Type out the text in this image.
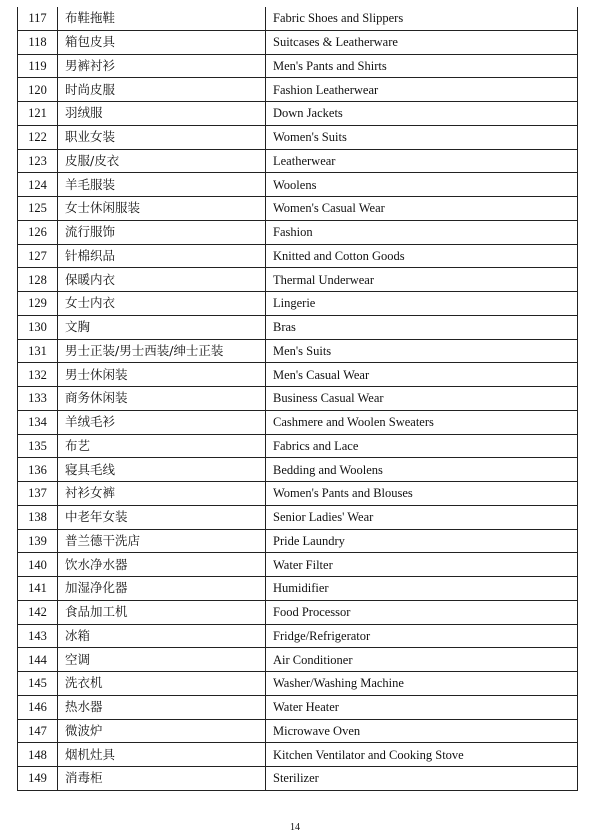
117	布鞋拖鞋	Fabric Shoes and Slippers
118	箱包皮具	Suitcases & Leatherware
119	男裤衬衫	Men's Pants and Shirts
120	时尚皮服	Fashion Leatherwear
121	羽绒服	Down Jackets
122	职业女装	Women's Suits
123	皮服/皮衣	Leatherwear
124	羊毛服装	Woolens
125	女士休闲服装	Women's Casual Wear
126	流行服饰	Fashion
127	针棉织品	Knitted and Cotton Goods
128	保暖内衣	Thermal Underwear
129	女士内衣	Lingerie
130	文胸	Bras
131	男士正装/男士西装/绅士正装	Men's Suits
132	男士休闲装	Men's Casual Wear
133	商务休闲装	Business Casual Wear
134	羊绒毛衫	Cashmere and Woolen Sweaters
135	布艺	Fabrics and Lace
136	寝具毛线	Bedding and Woolens
137	衬衫女裤	Women's Pants and Blouses
138	中老年女装	Senior Ladies' Wear
139	普兰德干洗店	Pride Laundry
140	饮水净水器	Water Filter
141	加湿净化器	Humidifier
142	食品加工机	Food Processor
143	冰箱	Fridge/Refrigerator
144	空调	Air Conditioner
145	洗衣机	Washer/Washing Machine
146	热水器	Water Heater
147	微波炉	Microwave Oven
148	烟机灶具	Kitchen Ventilator and Cooking Stove
149	消毒柜	Sterilizer
14
